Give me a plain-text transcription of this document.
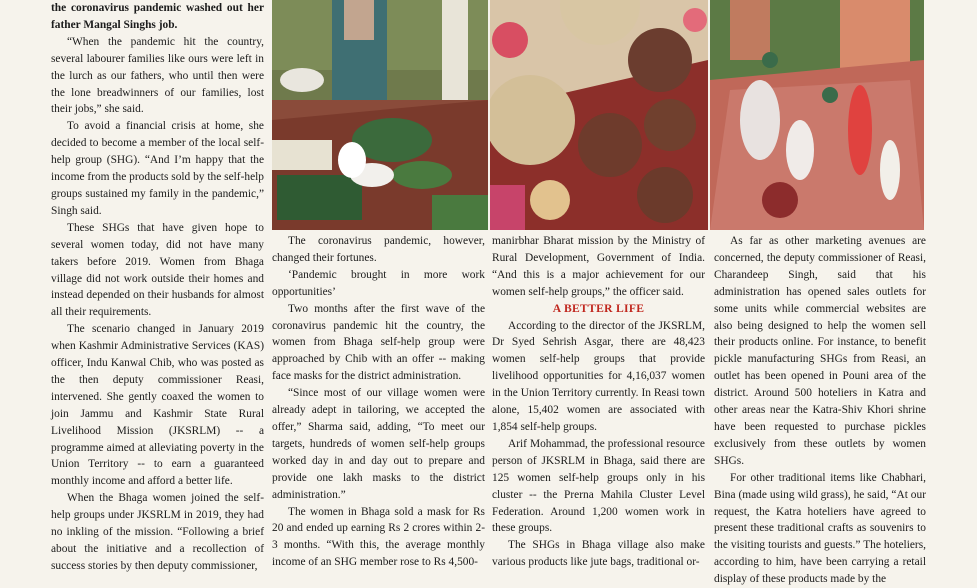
the coronavirus pandemic washed out her father Mangal Singhs job.

“When the pandemic hit the country, several labourer families like ours were left in the lurch as our fathers, who until then were the lone breadwinners of our families, lost their jobs,” she said.

To avoid a financial crisis at home, she decided to become a member of the local self-help group (SHG). “And I’m happy that the income from the products sold by the self-help groups sustained my family in the pandemic,” Singh said.

These SHGs that have given hope to several women today, did not have many takers before 2019. Women from Bhaga village did not work outside their homes and instead depended on their husbands for almost all their requirements.

The scenario changed in January 2019 when Kashmir Administrative Services (KAS) officer, Indu Kanwal Chib, who was posted as the then deputy commissioner Reasi, intervened. She gently coaxed the women to join Jammu and Kashmir State Rural Livelihood Mission (JKSRLM) -- a programme aimed at alleviating poverty in the Union Territory -- to earn a guaranteed monthly income and afford a better life.

When the Bhaga women joined the self-help groups under JKSRLM in 2019, they had no inkling of the mission. “Following a brief about the initiative and a recollection of success stories by then deputy commissioner,

The coronavirus pandemic, however, changed their fortunes.

‘Pandemic brought in more work opportunities’

Two months after the first wave of the coronavirus pandemic hit the country, the women from Bhaga self-help group were approached by Chib with an offer -- making face masks for the district administration.

“Since most of our village women were already adept in tailoring, we accepted the offer,” Sharma said, adding, “To meet our targets, hundreds of women self-help groups worked day in and day out to prepare and provide one lakh masks to the district administration.”

The women in Bhaga sold a mask for Rs 20 and ended up earning Rs 2 crores within 2-3 months. “With this, the average monthly income of an SHG member rose to Rs 4,500-

manirbhar Bharat mission by the Ministry of Rural Development, Government of India. “And this is a major achievement for our women self-help groups,” the officer said.

A BETTER LIFE

According to the director of the JKSRLM, Dr Syed Sehrish Asgar, there are 48,423 women self-help groups that provide livelihood opportunities for 4,16,037 women in the Union Territory currently. In Reasi town alone, 15,402 women are associated with 1,854 self-help groups.

Arif Mohammad, the professional resource person of JKSRLM in Bhaga, said there are 125 women self-help groups only in his cluster -- the Prerna Mahila Cluster Level Federation. Around 1,200 women work in these groups.

The SHGs in Bhaga village also make various products like jute bags, traditional or-

As far as other marketing avenues are concerned, the deputy commissioner of Reasi, Charandeep Singh, said that his administration has opened sales outlets for some units while commercial websites are also being designed to help the women sell their products online. For instance, to benefit pickle manufacturing SHGs from Reasi, an outlet has been opened in Pouni area of the district. Around 500 hoteliers in Katra and other areas near the Katra-Shiv Khori shrine have been requested to purchase pickles exclusively from these outlets by women SHGs.

For other traditional items like Chabhari, Bina (made using wild grass), he said, “At our request, the Katra hoteliers have agreed to present these traditional crafts as souvenirs to the visiting tourists and guests.” The hoteliers, according to him, have been carrying a retail display of these products made by the
